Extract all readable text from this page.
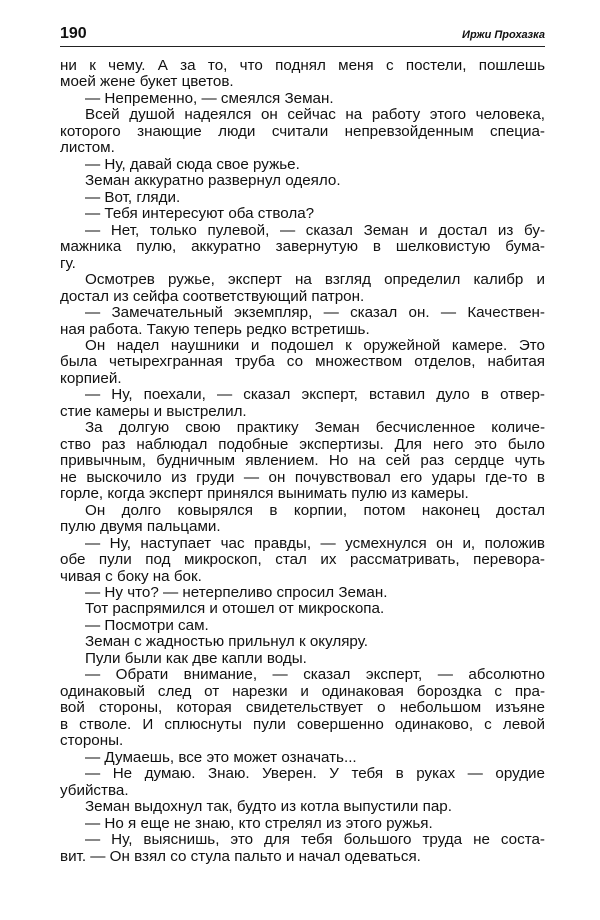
190	Иржи Прохазка
ни к чему. А за то, что поднял меня с постели, пошлешь
моей жене букет цветов.
— Непременно, — смеялся Земан.
Всей душой надеялся он сейчас на работу этого человека,
которого знающие люди считали непревзойденным специа-
листом.
— Ну, давай сюда свое ружье.
Земан аккуратно развернул одеяло.
— Вот, гляди.
— Тебя интересуют оба ствола?
— Нет, только пулевой, — сказал Земан и достал из бу-
мажника пулю, аккуратно завернутую в шелковистую бума-
гу.
Осмотрев ружье, эксперт на взгляд определил калибр и
достал из сейфа соответствующий патрон.
— Замечательный экземпляр, — сказал он. — Качествен-
ная работа. Такую теперь редко встретишь.
Он надел наушники и подошел к оружейной камере. Это
была четырехгранная труба со множеством отделов, набитая
корпией.
— Ну, поехали, — сказал эксперт, вставил дуло в отвер-
стие камеры и выстрелил.
За долгую свою практику Земан бесчисленное количе-
ство раз наблюдал подобные экспертизы. Для него это было
привычным, будничным явлением. Но на сей раз сердце чуть
не выскочило из груди — он почувствовал его удары где-то в
горле, когда эксперт принялся вынимать пулю из камеры.
Он долго ковырялся в корпии, потом наконец достал
пулю двумя пальцами.
— Ну, наступает час правды, — усмехнулся он и, положив
обе пули под микроскоп, стал их рассматривать, перевора-
чивая с боку на бок.
— Ну что? — нетерпеливо спросил Земан.
Тот распрямился и отошел от микроскопа.
— Посмотри сам.
Земан с жадностью прильнул к окуляру.
Пули были как две капли воды.
— Обрати внимание, — сказал эксперт, — абсолютно
одинаковый след от нарезки и одинаковая бороздка с пра-
вой стороны, которая свидетельствует о небольшом изъяне
в стволе. И сплюснуты пули совершенно одинаково, с левой
стороны.
— Думаешь, все это может означать...
— Не думаю. Знаю. Уверен. У тебя в руках — орудие
убийства.
Земан выдохнул так, будто из котла выпустили пар.
— Но я еще не знаю, кто стрелял из этого ружья.
— Ну, выяснишь, это для тебя большого труда не соста-
вит. — Он взял со стула пальто и начал одеваться.
